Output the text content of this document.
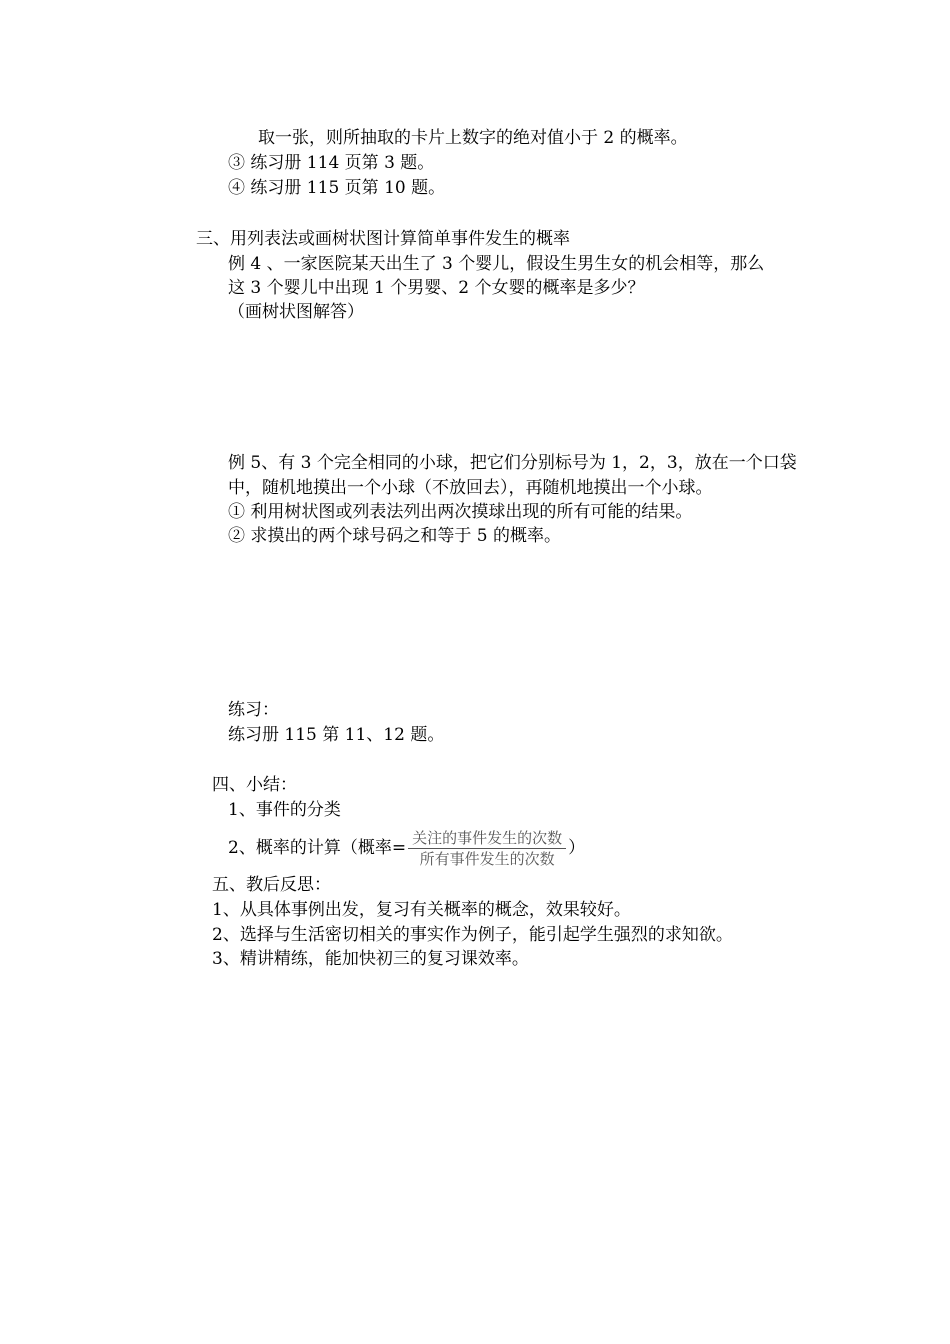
取一张，则所抽取的卡片上数字的绝对值小于 2 的概率。
③ 练习册 114 页第 3 题。
④ 练习册 115 页第 10 题。
三、用列表法或画树状图计算简单事件发生的概率
例 4 、一家医院某天出生了 3 个婴儿，假设生男生女的机会相等，那么
这 3 个婴儿中出现 1 个男婴、2 个女婴的概率是多少？
（画树状图解答）
例 5、有 3 个完全相同的小球，把它们分别标号为 1，2，3，放在一个口袋
中，随机地摸出一个小球（不放回去），再随机地摸出一个小球。
① 利用树状图或列表法列出两次摸球出现的所有可能的结果。
② 求摸出的两个球号码之和等于 5 的概率。
练习：
练习册 115 第 11、12 题。
四、小结：
1、事件的分类
2、概率的计算（概率= $\frac{\text{关注的事件发生的次数}}{\text{所有事件发生的次数}}$ ）
五、教后反思：
1、从具体事例出发，复习有关概率的概念，效果较好。
2、选择与生活密切相关的事实作为例子，能引起学生强烈的求知欲。
3、精讲精练，能加快初三的复习课效率。
